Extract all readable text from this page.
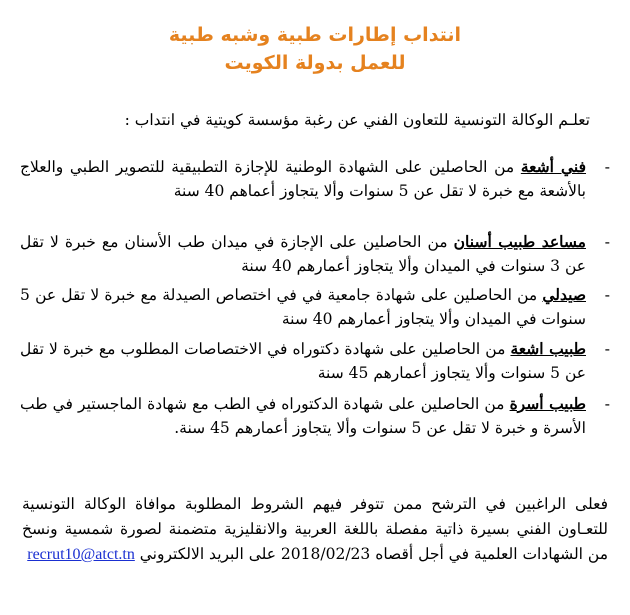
انتداب إطارات طبية وشبه طبية
للعمل بدولة الكويت
تعلـم الوكالة التونسية للتعاون الفني عن رغبة مؤسسة كويتية في انتداب :
-
فني أشعة من الحاصلين على الشهادة الوطنية للإجازة التطبيقية للتصوير الطبي والعلاج بالأشعة مع خبرة لا تقل عن 5 سنوات وألا يتجاوز أعماهم 40 سنة
-
مساعد طبيب أسنان من الحاصلين على الإجازة في ميدان طب الأسنان مع خبرة لا تقل عن 3 سنوات في الميدان وألا يتجاوز أعمارهم 40 سنة
-
صيدلي من الحاصلين على شهادة جامعية في في اختصاص الصيدلة مع خبرة لا تقل عن 5 سنوات في الميدان وألا يتجاوز أعمارهم 40 سنة
-
طبيب اشعة من الحاصلين على شهادة دكتوراه في الاختصاصات المطلوب مع خبرة لا تقل عن 5 سنوات وألا يتجاوز أعمارهم 45 سنة
-
طبيب أسرة من الحاصلين على شهادة الدكتوراه في الطب مع شهادة الماجستير في طب الأسرة و خبرة لا تقل عن 5 سنوات وألا يتجاوز أعمارهم 45 سنة.
فعلى الراغبين في الترشح ممن تتوفر فيهم الشروط المطلوبة موافاة الوكالة التونسية للتعـاون الفني بسيرة ذاتية مفصلة باللغة العربية والانقليزية متضمنة لصورة شمسية ونسخ من الشهادات العلمية في أجل أقصاه 2018/02/23 على البريد الالكتروني recrut10@atct.tn
